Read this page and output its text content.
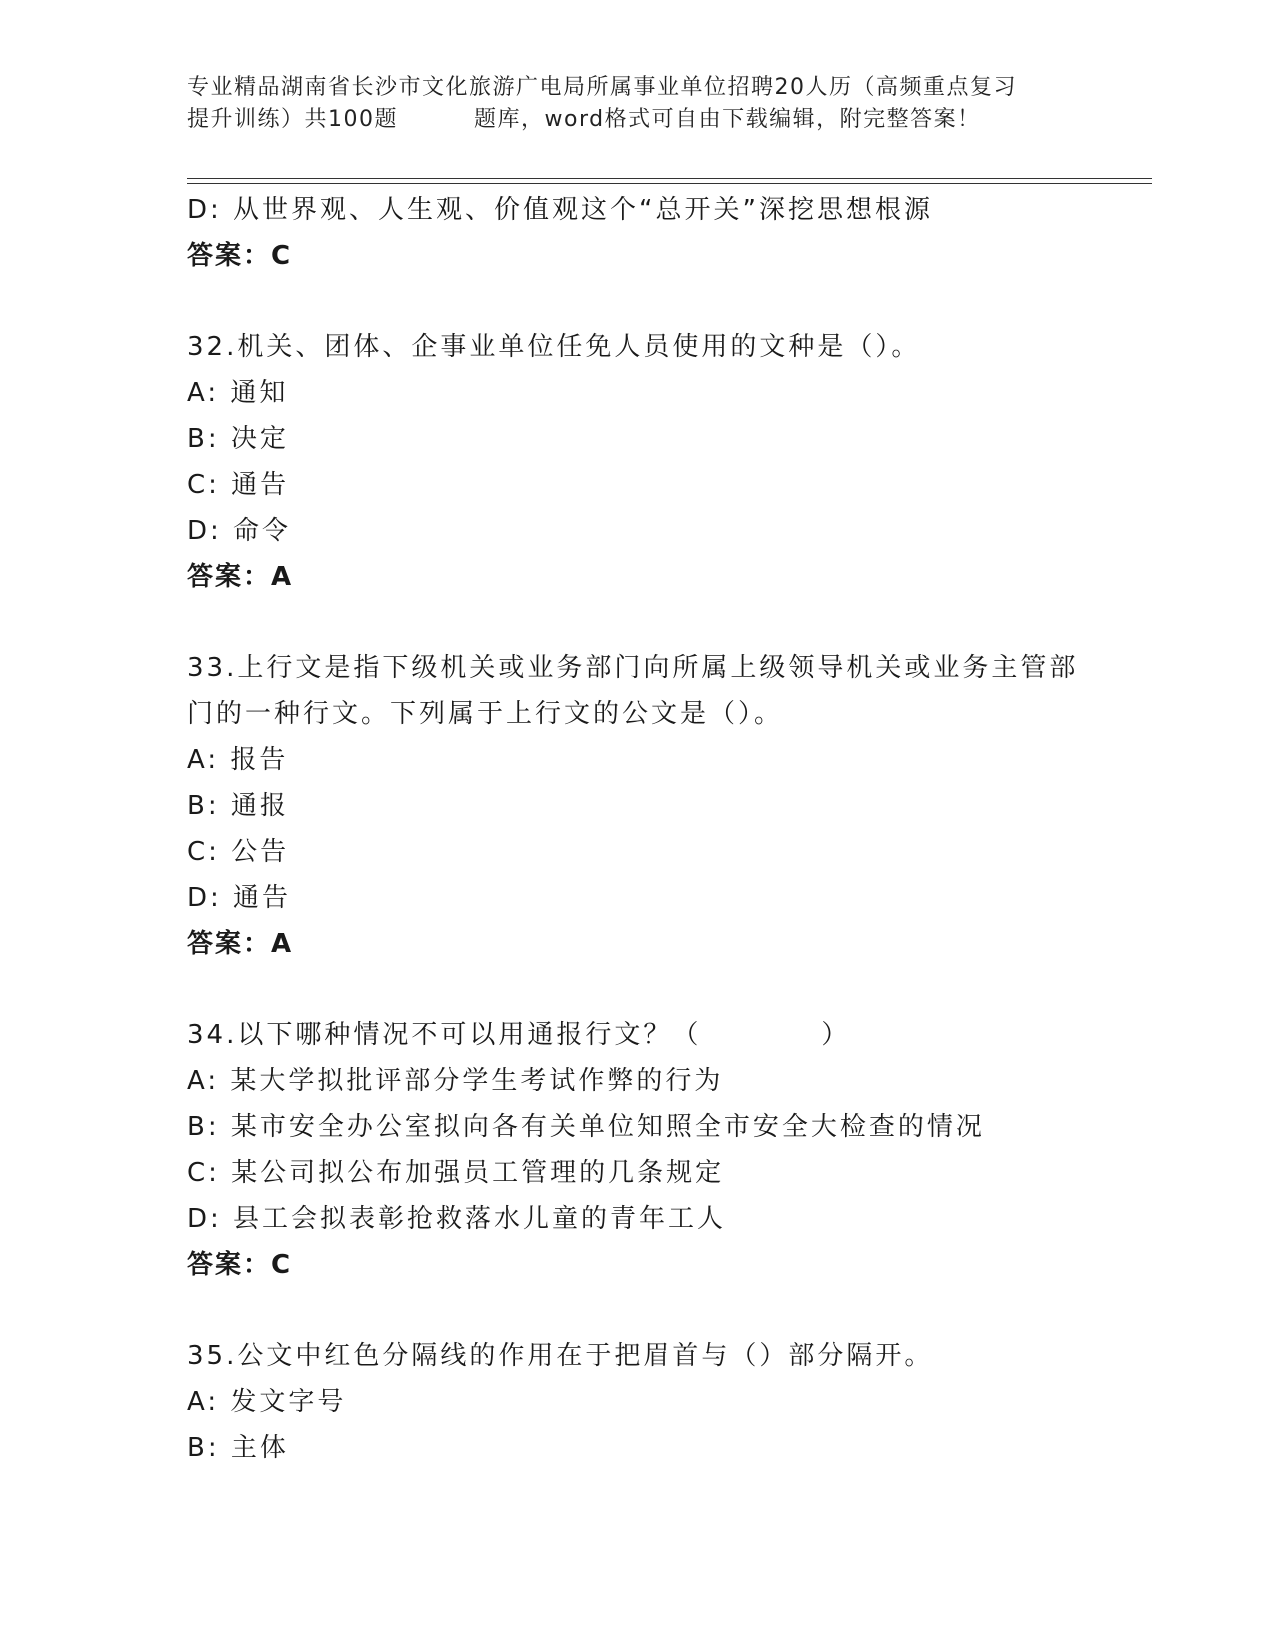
专业精品湖南省长沙市文化旅游广电局所属事业单位招聘20人历（高频重点复习
提升训练）共100题	题库，word格式可自由下载编辑，附完整答案！
D: 从世界观、人生观、价值观这个“总开关”深挖思想根源
答案：C
32.机关、团体、企事业单位任免人员使用的文种是（）。
A: 通知
B: 决定
C: 通告
D: 命令
答案：A
33.上行文是指下级机关或业务部门向所属上级领导机关或业务主管部
门的一种行文。下列属于上行文的公文是（）。
A: 报告
B: 通报
C: 公告
D: 通告
答案：A
34.以下哪种情况不可以用通报行文？（	）
A: 某大学拟批评部分学生考试作弊的行为
B: 某市安全办公室拟向各有关单位知照全市安全大检查的情况
C: 某公司拟公布加强员工管理的几条规定
D: 县工会拟表彰抢救落水儿童的青年工人
答案：C
35.公文中红色分隔线的作用在于把眉首与（）部分隔开。
A: 发文字号
B: 主体
